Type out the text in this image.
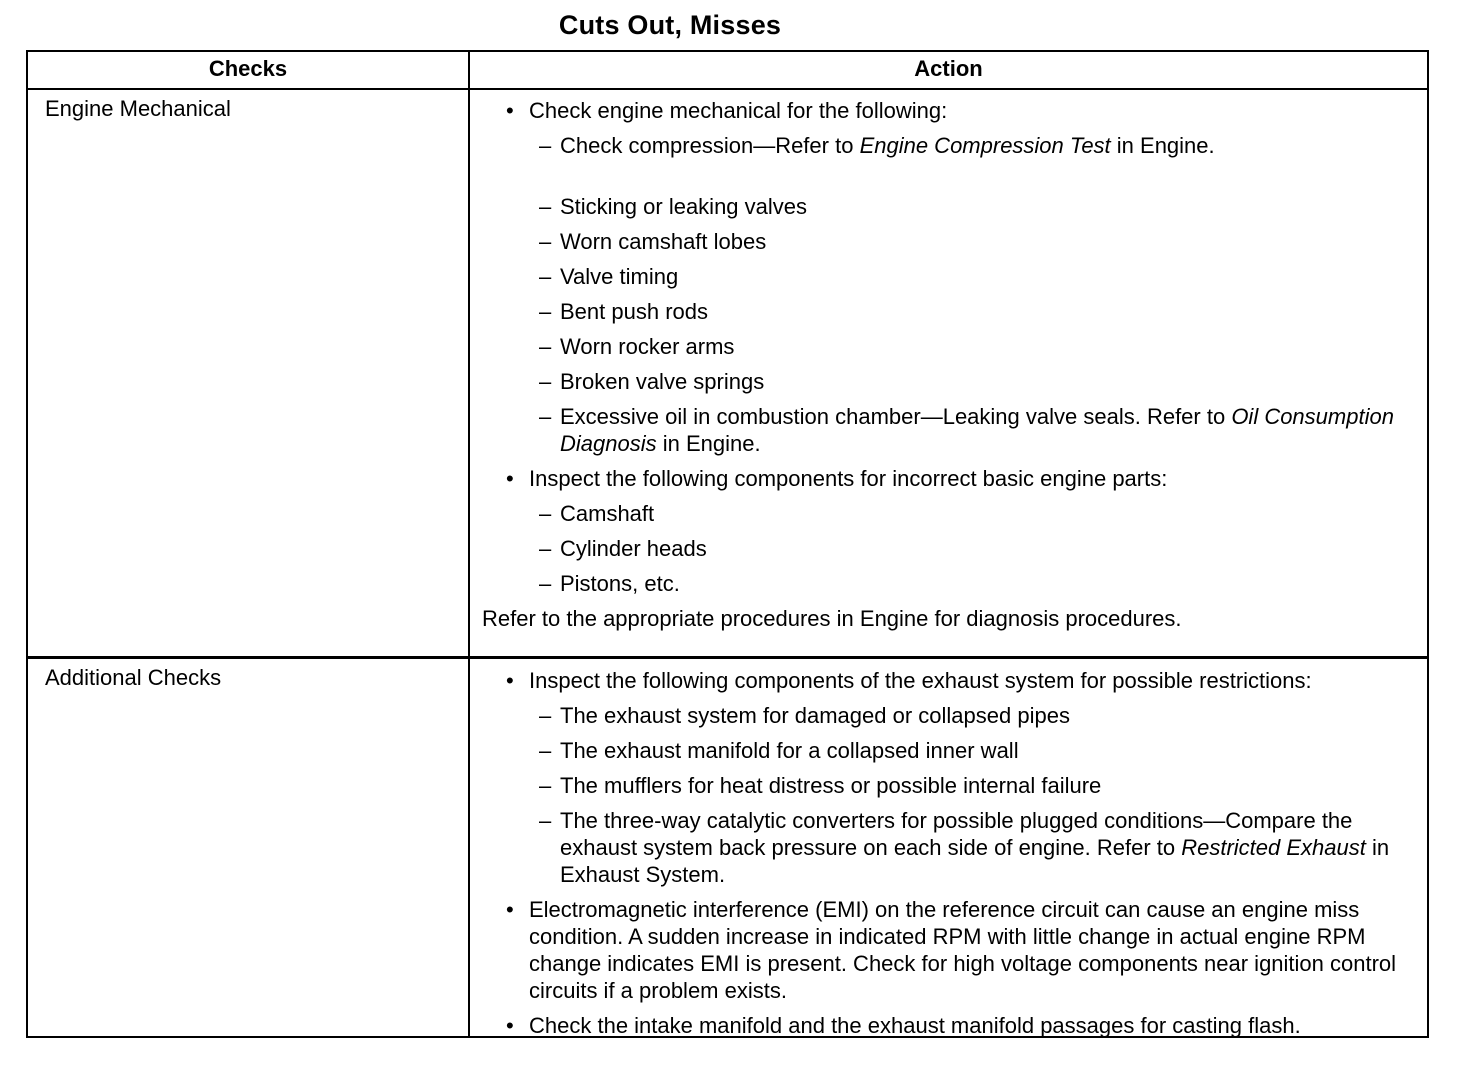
Cuts Out, Misses
Checks	Action
Engine Mechanical	• Check engine mechanical for the following:
– Check compression—Refer to Engine Compression Test in Engine.
– Sticking or leaking valves
– Worn camshaft lobes
– Valve timing
– Bent push rods
– Worn rocker arms
– Broken valve springs
– Excessive oil in combustion chamber—Leaking valve seals. Refer to Oil Consumption Diagnosis in Engine.
• Inspect the following components for incorrect basic engine parts:
– Camshaft
– Cylinder heads
– Pistons, etc.
Refer to the appropriate procedures in Engine for diagnosis procedures.
Additional Checks	• Inspect the following components of the exhaust system for possible restrictions:
– The exhaust system for damaged or collapsed pipes
– The exhaust manifold for a collapsed inner wall
– The mufflers for heat distress or possible internal failure
– The three-way catalytic converters for possible plugged conditions—Compare the exhaust system back pressure on each side of engine. Refer to Restricted Exhaust in Exhaust System.
• Electromagnetic interference (EMI) on the reference circuit can cause an engine miss condition. A sudden increase in indicated RPM with little change in actual engine RPM change indicates EMI is present. Check for high voltage components near ignition control circuits if a problem exists.
• Check the intake manifold and the exhaust manifold passages for casting flash.
